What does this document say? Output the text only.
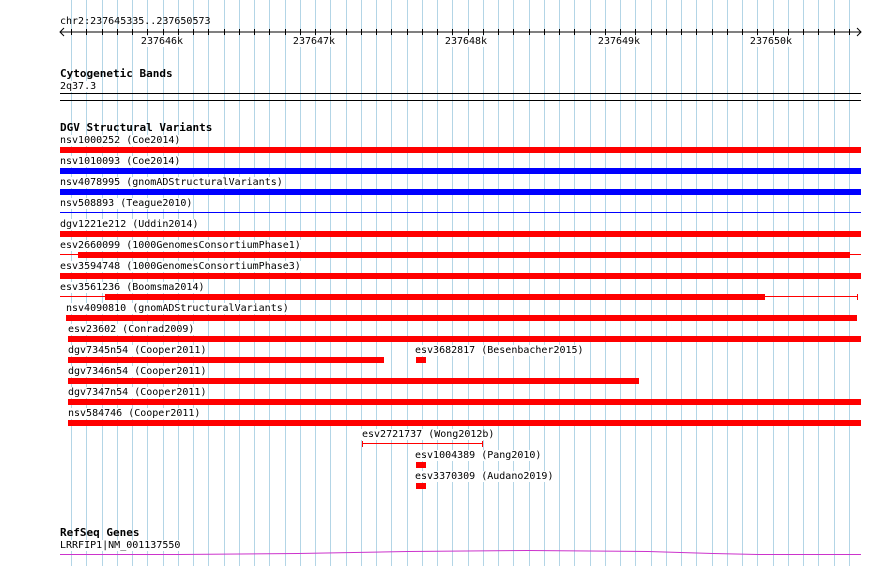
chr2:237645335..237650573
237646k	237647k	237648k	237649k	237650k
Cytogenetic Bands
2q37.3
DGV Structural Variants
nsv1000252 (Coe2014)
nsv1010093 (Coe2014)
nsv4078995 (gnomADStructuralVariants)
nsv508893 (Teague2010)
dgv1221e212 (Uddin2014)
esv2660099 (1000GenomesConsortiumPhase1)
esv3594748 (1000GenomesConsortiumPhase3)
esv3561236 (Boomsma2014)
nsv4090810 (gnomADStructuralVariants)
esv23602 (Conrad2009)
dgv7345n54 (Cooper2011)	esv3682817 (Besenbacher2015)
dgv7346n54 (Cooper2011)
dgv7347n54 (Cooper2011)
nsv584746 (Cooper2011)
esv2721737 (Wong2012b)
esv1004389 (Pang2010)
esv3370309 (Audano2019)
RefSeq Genes
LRRFIP1|NM_001137550
